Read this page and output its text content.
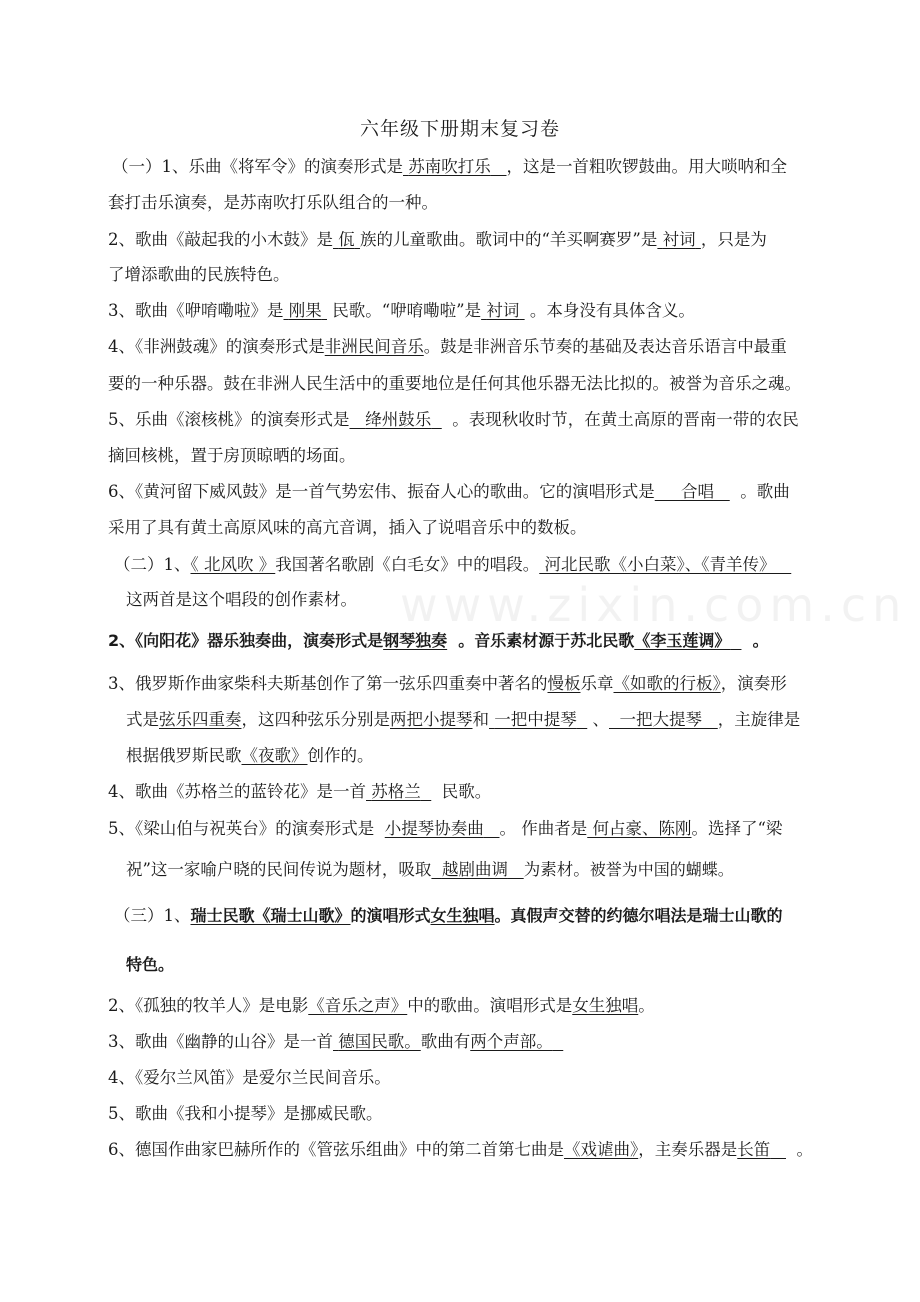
www.zixin.com.cn
六年级下册期末复习卷
（一）1、乐曲《将军令》的演奏形式是 苏南吹打乐 ，这是一首粗吹锣鼓曲。用大唢呐和全
套打击乐演奏，是苏南吹打乐队组合的一种。
2、歌曲《敲起我的小木鼓》是 佤 族的儿童歌曲。歌词中的“羊买啊赛罗”是 衬词 ，只是为
了增添歌曲的民族特色。
3、歌曲《咿唷嘞啦》是 刚果 民歌。“咿唷嘞啦”是 衬词 。本身没有具体含义。
4、《非洲鼓魂》的演奏形式是非洲民间音乐。鼓是非洲音乐节奏的基础及表达音乐语言中最重
要的一种乐器。鼓在非洲人民生活中的重要地位是任何其他乐器无法比拟的。被誉为音乐之魂。
5、乐曲《滚核桃》的演奏形式是 绛州鼓乐 。表现秋收时节，在黄土高原的晋南一带的农民
摘回核桃，置于房顶晾晒的场面。
6、《黄河留下威风鼓》是一首气势宏伟、振奋人心的歌曲。它的演唱形式是 合唱 。歌曲
采用了具有黄土高原风味的高亢音调，插入了说唱音乐中的数板。
（二）1、《 北风吹 》我国著名歌剧《白毛女》中的唱段。 河北民歌《小白菜》、《青羊传》
这两首是这个唱段的创作素材。
2、《向阳花》器乐独奏曲，演奏形式是钢琴独奏 。音乐素材源于苏北民歌《李玉莲调》 。
3、俄罗斯作曲家柴科夫斯基创作了第一弦乐四重奏中著名的慢板乐章《如歌的行板》，演奏形
式是弦乐四重奏，这四种弦乐分别是两把小提琴和 一把中提琴 、 一把大提琴 ，主旋律是
根据俄罗斯民歌《夜歌》创作的。
4、歌曲《苏格兰的蓝铃花》是一首 苏格兰 民歌。
5、《梁山伯与祝英台》的演奏形式是 小提琴协奏曲 。 作曲者是 何占豪、陈刚。选择了“梁
祝”这一家喻户晓的民间传说为题材，吸取 越剧曲调 为素材。被誉为中国的蝴蝶。
（三）1、瑞士民歌《瑞士山歌》的演唱形式女生独唱。真假声交替的约德尔唱法是瑞士山歌的
特色。
2、《孤独的牧羊人》是电影《音乐之声》中的歌曲。演唱形式是女生独唱。
3、歌曲《幽静的山谷》是一首 德国民歌。歌曲有两个声部。
4、《爱尔兰风笛》是爱尔兰民间音乐。
5、歌曲《我和小提琴》是挪威民歌。
6、德国作曲家巴赫所作的《管弦乐组曲》中的第二首第七曲是《戏谑曲》，主奏乐器是长笛 。
